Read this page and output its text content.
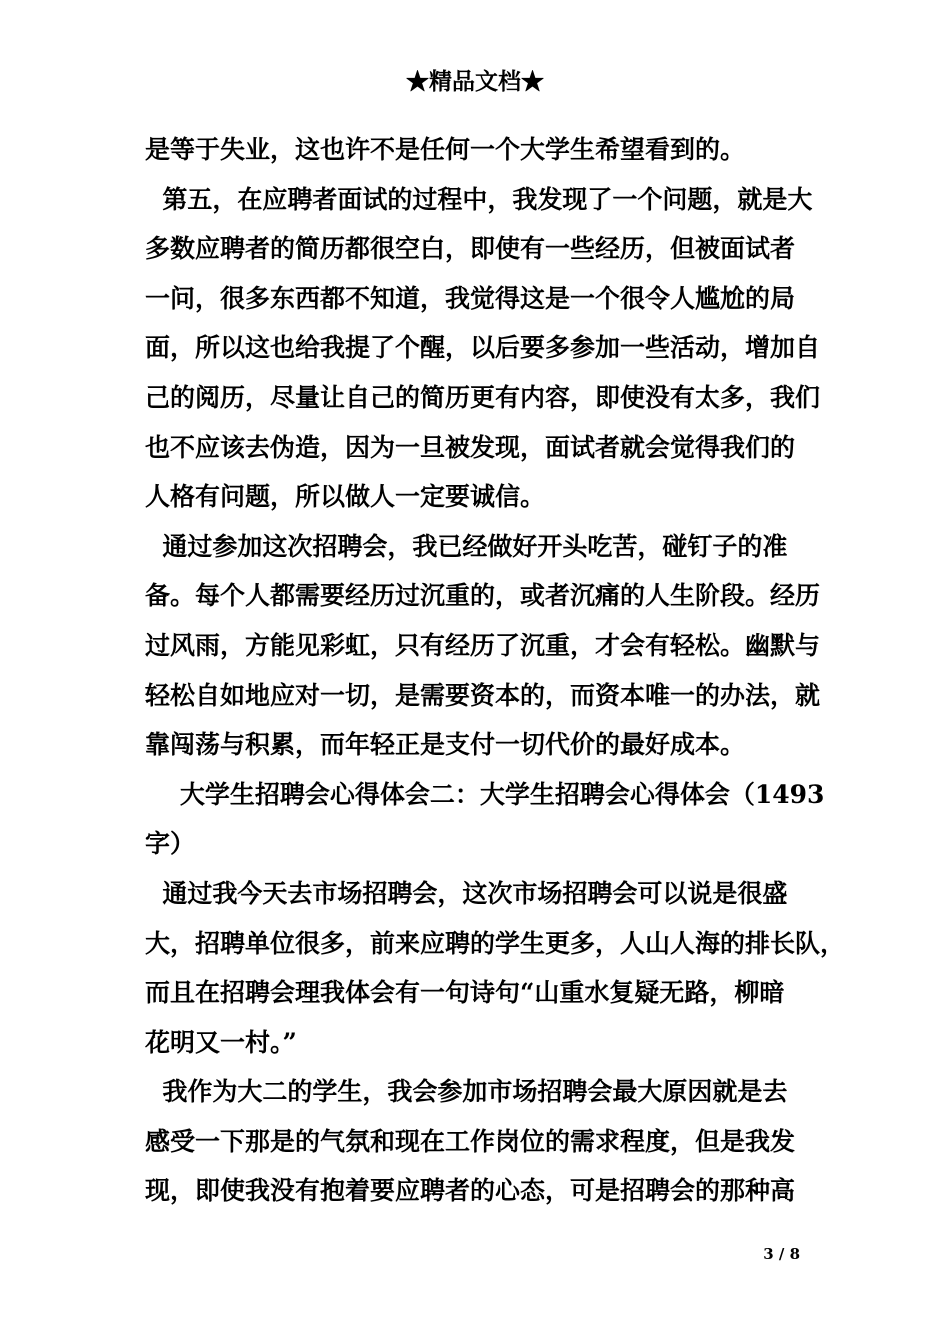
★精品文档★

是等于失业，这也许不是任何一个大学生希望看到的。

第五，在应聘者面试的过程中，我发现了一个问题，就是大

多数应聘者的简历都很空白，即使有一些经历，但被面试者

一问，很多东西都不知道，我觉得这是一个很令人尴尬的局

面，所以这也给我提了个醒，以后要多参加一些活动，增加自

己的阅历，尽量让自己的简历更有内容，即使没有太多，我们

也不应该去伪造，因为一旦被发现，面试者就会觉得我们的

人格有问题，所以做人一定要诚信。

通过参加这次招聘会，我已经做好开头吃苦，碰钉子的准

备。每个人都需要经历过沉重的，或者沉痛的人生阶段。经历

过风雨，方能见彩虹，只有经历了沉重，才会有轻松。幽默与

轻松自如地应对一切，是需要资本的，而资本唯一的办法，就

靠闯荡与积累，而年轻正是支付一切代价的最好成本。

大学生招聘会心得体会二：大学生招聘会心得体会（1493

字）

通过我今天去市场招聘会，这次市场招聘会可以说是很盛

大，招聘单位很多，前来应聘的学生更多，人山人海的排长队，

而且在招聘会理我体会有一句诗句“山重水复疑无路，柳暗

花明又一村。”

我作为大二的学生，我会参加市场招聘会最大原因就是去

感受一下那是的气氛和现在工作岗位的需求程度，但是我发

现，即使我没有抱着要应聘者的心态，可是招聘会的那种高

3 / 8
